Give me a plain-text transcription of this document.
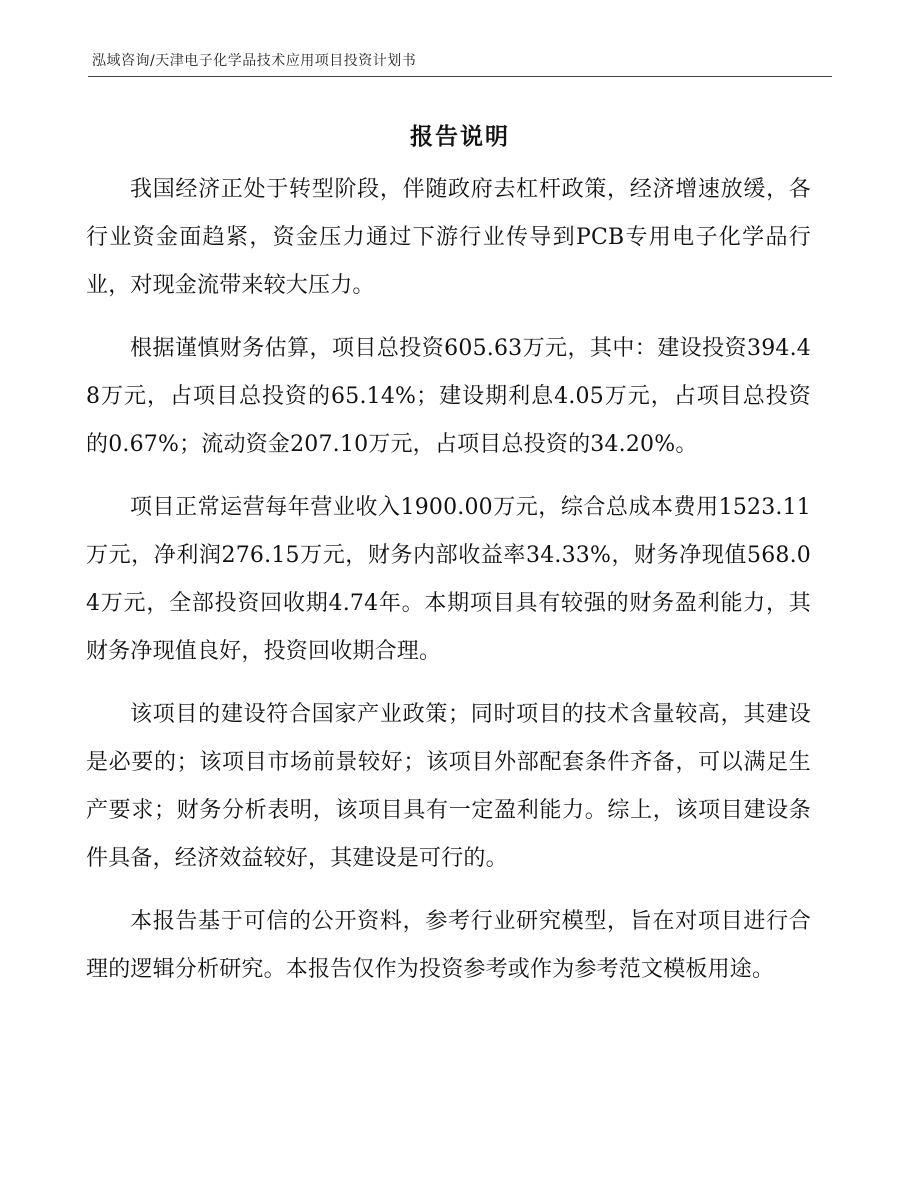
泓域咨询/天津电子化学品技术应用项目投资计划书
报告说明

我国经济正处于转型阶段，伴随政府去杠杆政策，经济增速放缓，各行业资金面趋紧，资金压力通过下游行业传导到PCB专用电子化学品行业，对现金流带来较大压力。

根据谨慎财务估算，项目总投资605.63万元，其中：建设投资394.48万元，占项目总投资的65.14%；建设期利息4.05万元，占项目总投资的0.67%；流动资金207.10万元，占项目总投资的34.20%。

项目正常运营每年营业收入1900.00万元，综合总成本费用1523.11万元，净利润276.15万元，财务内部收益率34.33%，财务净现值568.04万元，全部投资回收期4.74年。本期项目具有较强的财务盈利能力，其财务净现值良好，投资回收期合理。

该项目的建设符合国家产业政策；同时项目的技术含量较高，其建设是必要的；该项目市场前景较好；该项目外部配套条件齐备，可以满足生产要求；财务分析表明，该项目具有一定盈利能力。综上，该项目建设条件具备，经济效益较好，其建设是可行的。

本报告基于可信的公开资料，参考行业研究模型，旨在对项目进行合理的逻辑分析研究。本报告仅作为投资参考或作为参考范文模板用途。
